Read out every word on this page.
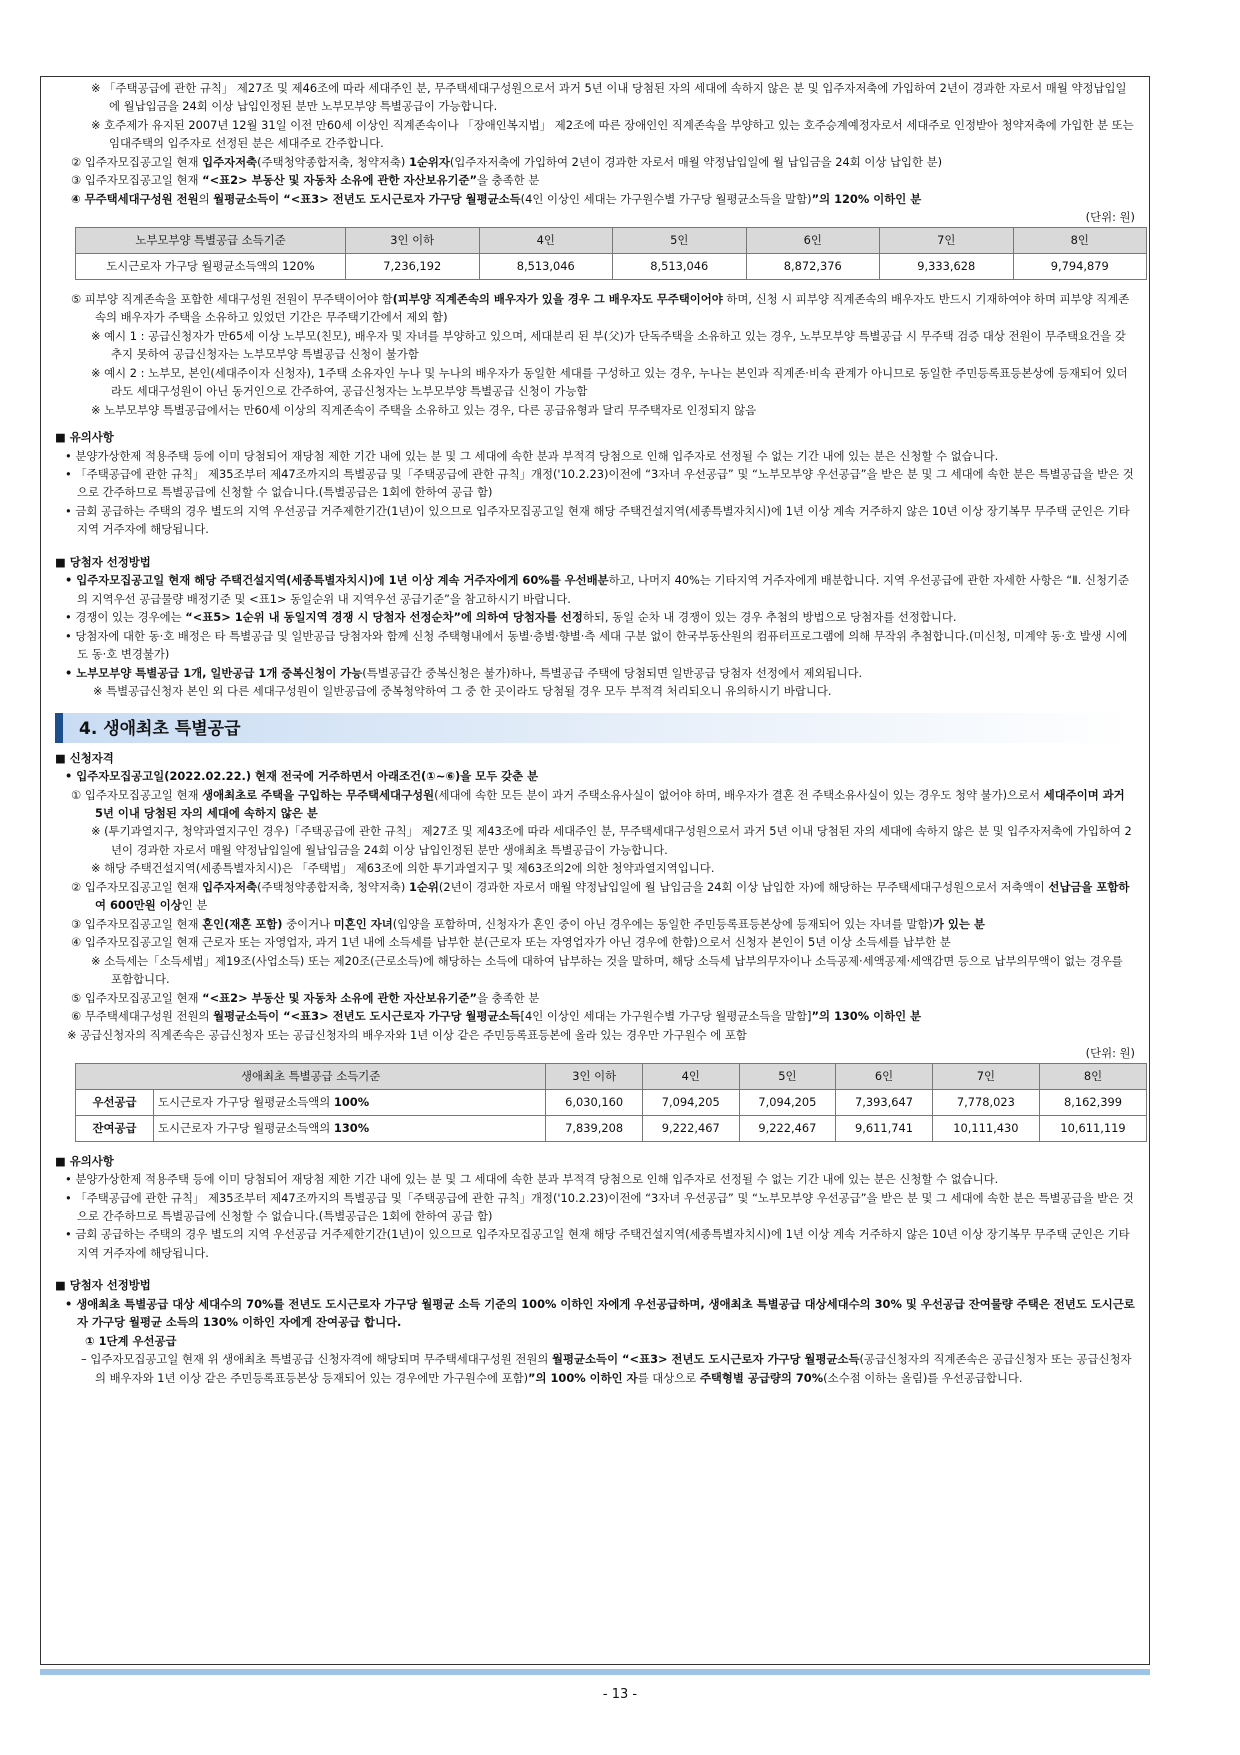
※ 「주택공급에 관한 규칙」 제27조 및 제46조에 따라 세대주인 분, 무주택세대구성원으로서 과거 5년 이내 당첨된 자의 세대에 속하지 않은 분 및 입주자저축에 가입하여 2년이 경과한 자로서 매월 약정납입일에 월납입금을 24회 이상 납입인정된 분만 노부모부양 특별공급이 가능합니다.

※ 호주제가 유지된 2007년 12월 31일 이전 만60세 이상인 직계존속이나 「장애인복지법」 제2조에 따른 장애인인 직계존속을 부양하고 있는 호주승계예정자로서 세대주로 인정받아 청약저축에 가입한 분 또는 임대주택의 입주자로 선정된 분은 세대주로 간주합니다.

② 입주자모집공고일 현재 입주자저축(주택청약종합저축, 청약저축) 1순위자(입주자저축에 가입하여 2년이 경과한 자로서 매월 약정납입일에 월 납입금을 24회 이상 납입한 분)

③ 입주자모집공고일 현재 “<표2> 부동산 및 자동차 소유에 관한 자산보유기준”을 충족한 분

④ 무주택세대구성원 전원의 월평균소득이 “<표3> 전년도 도시근로자 가구당 월평균소득(4인 이상인 세대는 가구원수별 가구당 월평균소득을 말함)”의 120% 이하인 분

(단위: 원)

노부모부양 특별공급 소득기준	3인 이하	4인	5인	6인	7인	8인
도시근로자 가구당 월평균소득액의 120%	7,236,192	8,513,046	8,513,046	8,872,376	9,333,628	9,794,879

⑤ 피부양 직계존속을 포함한 세대구성원 전원이 무주택이어야 함(피부양 직계존속의 배우자가 있을 경우 그 배우자도 무주택이어야 하며, 신청 시 피부양 직계존속의 배우자도 반드시 기재하여야 하며 피부양 직계존속의 배우자가 주택을 소유하고 있었던 기간은 무주택기간에서 제외 함)

※ 예시 1 : 공급신청자가 만65세 이상 노부모(친모), 배우자 및 자녀를 부양하고 있으며, 세대분리 된 부(父)가 단독주택을 소유하고 있는 경우, 노부모부양 특별공급 시 무주택 검증 대상 전원이 무주택요건을 갖추지 못하여 공급신청자는 노부모부양 특별공급 신청이 불가함

※ 예시 2 : 노부모, 본인(세대주이자 신청자), 1주택 소유자인 누나 및 누나의 배우자가 동일한 세대를 구성하고 있는 경우, 누나는 본인과 직계존·비속 관계가 아니므로 동일한 주민등록표등본상에 등재되어 있더라도 세대구성원이 아닌 동거인으로 간주하여, 공급신청자는 노부모부양 특별공급 신청이 가능함

※ 노부모부양 특별공급에서는 만60세 이상의 직계존속이 주택을 소유하고 있는 경우, 다른 공급유형과 달리 무주택자로 인정되지 않음

■ 유의사항

• 분양가상한제 적용주택 등에 이미 당첨되어 재당첨 제한 기간 내에 있는 분 및 그 세대에 속한 분과 부적격 당첨으로 인해 입주자로 선정될 수 없는 기간 내에 있는 분은 신청할 수 없습니다.

• 「주택공급에 관한 규칙」 제35조부터 제47조까지의 특별공급 및「주택공급에 관한 규칙」개정('10.2.23)이전에 “3자녀 우선공급” 및 “노부모부양 우선공급”을 받은 분 및 그 세대에 속한 분은 특별공급을 받은 것으로 간주하므로 특별공급에 신청할 수 없습니다.(특별공급은 1회에 한하여 공급 함)

• 금회 공급하는 주택의 경우 별도의 지역 우선공급 거주제한기간(1년)이 있으므로 입주자모집공고일 현재 해당 주택건설지역(세종특별자치시)에 1년 이상 계속 거주하지 않은 10년 이상 장기복무 무주택 군인은 기타지역 거주자에 해당됩니다.

■ 당첨자 선정방법

• 입주자모집공고일 현재 해당 주택건설지역(세종특별자치시)에 1년 이상 계속 거주자에게 60%를 우선배분하고, 나머지 40%는 기타지역 거주자에게 배분합니다. 지역 우선공급에 관한 자세한 사항은 “Ⅱ. 신청기준의 지역우선 공급물량 배정기준 및 <표1> 동일순위 내 지역우선 공급기준”을 참고하시기 바랍니다.

• 경쟁이 있는 경우에는 “<표5> 1순위 내 동일지역 경쟁 시 당첨자 선정순차”에 의하여 당첨자를 선정하되, 동일 순차 내 경쟁이 있는 경우 추첨의 방법으로 당첨자를 선정합니다.

• 당첨자에 대한 동·호 배정은 타 특별공급 및 일반공급 당첨자와 함께 신청 주택형내에서 동별·층별·향별·측 세대 구분 없이 한국부동산원의 컴퓨터프로그램에 의해 무작위 추첨합니다.(미신청, 미계약 동·호 발생 시에도 동·호 변경불가)

• 노부모부양 특별공급 1개, 일반공급 1개 중복신청이 가능(특별공급간 중복신청은 불가)하나, 특별공급 주택에 당첨되면 일반공급 당첨자 선정에서 제외됩니다.

※ 특별공급신청자 본인 외 다른 세대구성원이 일반공급에 중복청약하여 그 중 한 곳이라도 당첨될 경우 모두 부적격 처리되오니 유의하시기 바랍니다.

4. 생애최초 특별공급

■ 신청자격

• 입주자모집공고일(2022.02.22.) 현재 전국에 거주하면서 아래조건(①~⑥)을 모두 갖춘 분

① 입주자모집공고일 현재 생애최초로 주택을 구입하는 무주택세대구성원(세대에 속한 모든 분이 과거 주택소유사실이 없어야 하며, 배우자가 결혼 전 주택소유사실이 있는 경우도 청약 불가)으로서 세대주이며 과거 5년 이내 당첨된 자의 세대에 속하지 않은 분

※ (투기과열지구, 청약과열지구인 경우)「주택공급에 관한 규칙」 제27조 및 제43조에 따라 세대주인 분, 무주택세대구성원으로서 과거 5년 이내 당첨된 자의 세대에 속하지 않은 분 및 입주자저축에 가입하여 2년이 경과한 자로서 매월 약정납입일에 월납입금을 24회 이상 납입인정된 분만 생애최초 특별공급이 가능합니다.

※ 해당 주택건설지역(세종특별자치시)은 「주택법」 제63조에 의한 투기과열지구 및 제63조의2에 의한 청약과열지역입니다.

② 입주자모집공고일 현재 입주자저축(주택청약종합저축, 청약저축) 1순위(2년이 경과한 자로서 매월 약정납입일에 월 납입금을 24회 이상 납입한 자)에 해당하는 무주택세대구성원으로서 저축액이 선납금을 포함하여 600만원 이상인 분

③ 입주자모집공고일 현재 혼인(재혼 포함) 중이거나 미혼인 자녀(입양을 포함하며, 신청자가 혼인 중이 아닌 경우에는 동일한 주민등록표등본상에 등재되어 있는 자녀를 말함)가 있는 분

④ 입주자모집공고일 현재 근로자 또는 자영업자, 과거 1년 내에 소득세를 납부한 분(근로자 또는 자영업자가 아닌 경우에 한함)으로서 신청자 본인이 5년 이상 소득세를 납부한 분

※ 소득세는「소득세법」제19조(사업소득) 또는 제20조(근로소득)에 해당하는 소득에 대하여 납부하는 것을 말하며, 해당 소득세 납부의무자이나 소득공제·세액공제·세액감면 등으로 납부의무액이 없는 경우를 포함합니다.

⑤ 입주자모집공고일 현재 “<표2> 부동산 및 자동차 소유에 관한 자산보유기준”을 충족한 분

⑥ 무주택세대구성원 전원의 월평균소득이 “<표3> 전년도 도시근로자 가구당 월평균소득[4인 이상인 세대는 가구원수별 가구당 월평균소득을 말함]”의 130% 이하인 분

※ 공급신청자의 직계존속은 공급신청자 또는 공급신청자의 배우자와 1년 이상 같은 주민등록표등본에 올라 있는 경우만 가구원수 에 포함

(단위: 원)

생애최초 특별공급 소득기준		3인 이하	4인	5인	6인	7인	8인
우선공급	도시근로자 가구당 월평균소득액의 100%	6,030,160	7,094,205	7,094,205	7,393,647	7,778,023	8,162,399
잔여공급	도시근로자 가구당 월평균소득액의 130%	7,839,208	9,222,467	9,222,467	9,611,741	10,111,430	10,611,119

■ 유의사항

• 분양가상한제 적용주택 등에 이미 당첨되어 재당첨 제한 기간 내에 있는 분 및 그 세대에 속한 분과 부적격 당첨으로 인해 입주자로 선정될 수 없는 기간 내에 있는 분은 신청할 수 없습니다.

• 「주택공급에 관한 규칙」 제35조부터 제47조까지의 특별공급 및「주택공급에 관한 규칙」개정('10.2.23)이전에 “3자녀 우선공급” 및 “노부모부양 우선공급”을 받은 분 및 그 세대에 속한 분은 특별공급을 받은 것으로 간주하므로 특별공급에 신청할 수 없습니다.(특별공급은 1회에 한하여 공급 함)

• 금회 공급하는 주택의 경우 별도의 지역 우선공급 거주제한기간(1년)이 있으므로 입주자모집공고일 현재 해당 주택건설지역(세종특별자치시)에 1년 이상 계속 거주하지 않은 10년 이상 장기복무 무주택 군인은 기타지역 거주자에 해당됩니다.

■ 당첨자 선정방법

• 생애최초 특별공급 대상 세대수의 70%를 전년도 도시근로자 가구당 월평균 소득 기준의 100% 이하인 자에게 우선공급하며, 생애최초 특별공급 대상세대수의 30% 및 우선공급 잔여물량 주택은 전년도 도시근로자 가구당 월평균 소득의 130% 이하인 자에게 잔여공급 합니다.

① 1단계 우선공급

– 입주자모집공고일 현재 위 생애최초 특별공급 신청자격에 해당되며 무주택세대구성원 전원의 월평균소득이 “<표3> 전년도 도시근로자 가구당 월평균소득(공급신청자의 직계존속은 공급신청자 또는 공급신청자의 배우자와 1년 이상 같은 주민등록표등본상 등재되어 있는 경우에만 가구원수에 포함)”의 100% 이하인 자를 대상으로 주택형별 공급량의 70%(소수점 이하는 올림)를 우선공급합니다.

- 13 -
